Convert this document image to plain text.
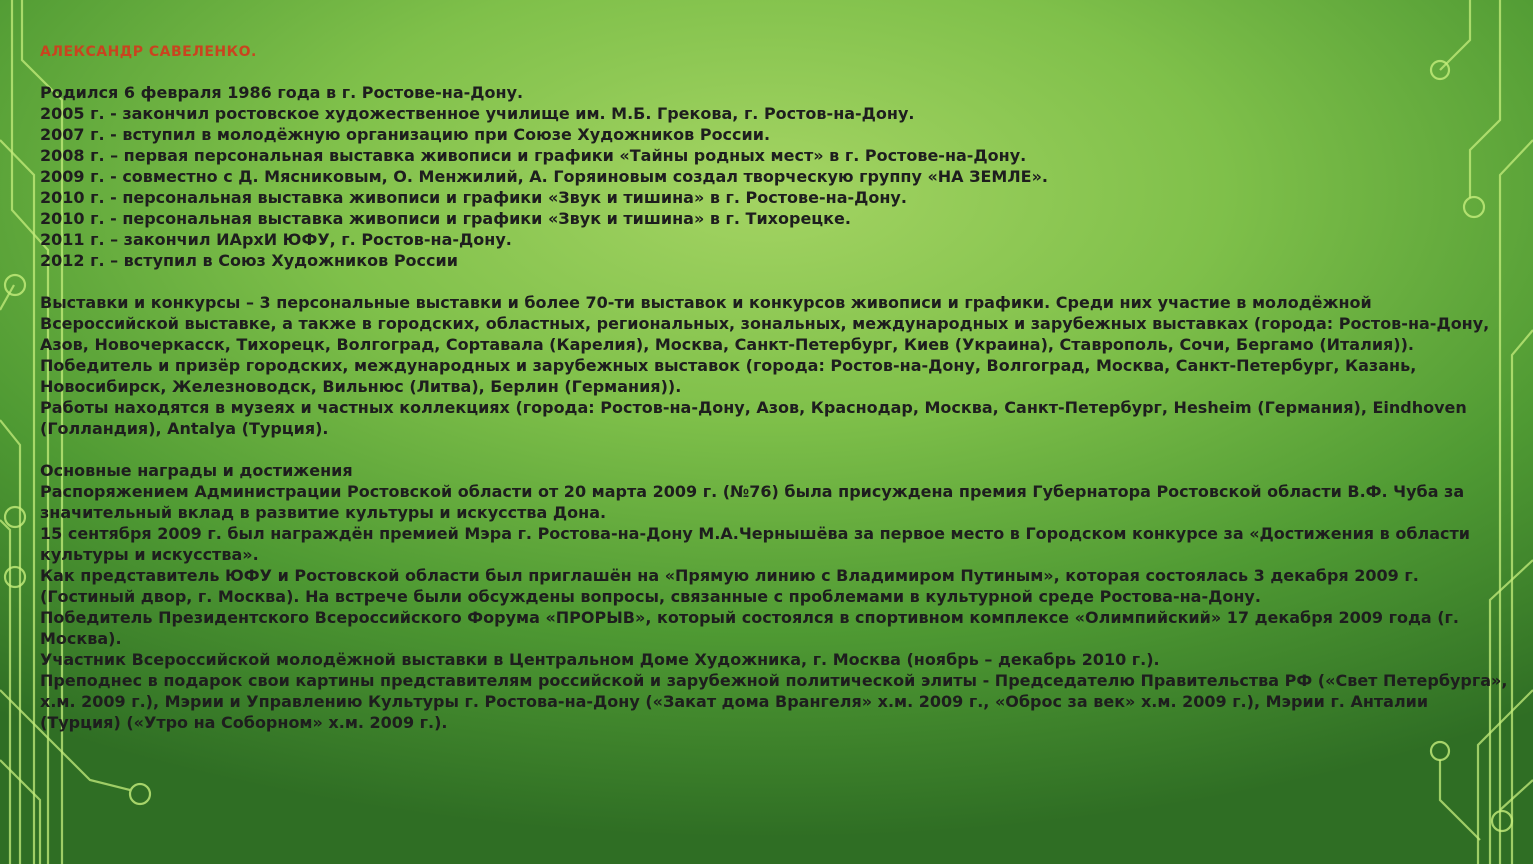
АЛЕКСАНДР САВЕЛЕНКО.
Родился 6 февраля 1986 года в г. Ростове-на-Дону.
2005 г. - закончил ростовское художественное училище им. М.Б. Грекова, г. Ростов-на-Дону.
2007 г. - вступил в молодёжную организацию при Союзе Художников России.
2008 г. – первая персональная выставка живописи и графики «Тайны родных мест» в г. Ростове-на-Дону.
2009 г. - совместно с Д. Мясниковым, О. Менжилий, А. Горяиновым создал творческую группу «НА ЗЕМЛЕ».
2010 г. - персональная выставка живописи и графики «Звук и тишина» в г. Ростове-на-Дону.
2010 г. - персональная выставка живописи и графики «Звук и тишина» в г. Тихорецке.
2011 г. – закончил ИАрхИ ЮФУ, г. Ростов-на-Дону.
2012 г. – вступил в Союз Художников России

Выставки и конкурсы – 3 персональные выставки и более 70-ти выставок и конкурсов живописи и графики. Среди них участие в молодёжной Всероссийской выставке, а также в городских, областных, региональных, зональных, международных и зарубежных выставках (города: Ростов-на-Дону, Азов, Новочеркасск, Тихорецк, Волгоград, Сортавала (Карелия), Москва, Санкт-Петербург, Киев (Украина), Ставрополь, Сочи, Бергамо (Италия)).

Победитель и призёр городских, международных и зарубежных выставок (города: Ростов-на-Дону, Волгоград, Москва, Санкт-Петербург, Казань, Новосибирск, Железноводск, Вильнюс (Литва), Берлин (Германия)).

Работы находятся в музеях и частных коллекциях (города: Ростов-на-Дону, Азов, Краснодар, Москва, Санкт-Петербург, Hesheim (Германия), Eindhoven (Голландия), Antalya (Турция).

Основные награды и достижения

Распоряжением Администрации Ростовской области от 20 марта 2009 г. (№76) была присуждена премия Губернатора Ростовской области В.Ф. Чуба за значительный вклад в развитие культуры и искусства Дона.

15 сентября 2009 г. был награждён премией Мэра г. Ростова-на-Дону М.А.Чернышёва за первое место в Городском конкурсе за «Достижения в области культуры и искусства».

Как представитель ЮФУ и Ростовской области был приглашён на «Прямую линию с Владимиром Путиным», которая состоялась 3 декабря 2009 г. (Гостиный двор, г. Москва). На встрече были обсуждены вопросы, связанные с проблемами в культурной среде Ростова-на-Дону.

Победитель Президентского Всероссийского Форума «ПРОРЫВ», который состоялся в спортивном комплексе «Олимпийский» 17 декабря 2009 года (г. Москва).

Участник Всероссийской молодёжной выставки в Центральном Доме Художника, г. Москва (ноябрь – декабрь 2010 г.).

Преподнес в подарок свои картины представителям российской и зарубежной политической элиты - Председателю Правительства РФ («Свет Петербурга», х.м. 2009 г.), Мэрии и Управлению Культуры г. Ростова-на-Дону («Закат дома Врангеля» х.м. 2009 г., «Оброс за век» х.м. 2009 г.), Мэрии г. Анталии (Турция) («Утро на Соборном» х.м. 2009 г.).
